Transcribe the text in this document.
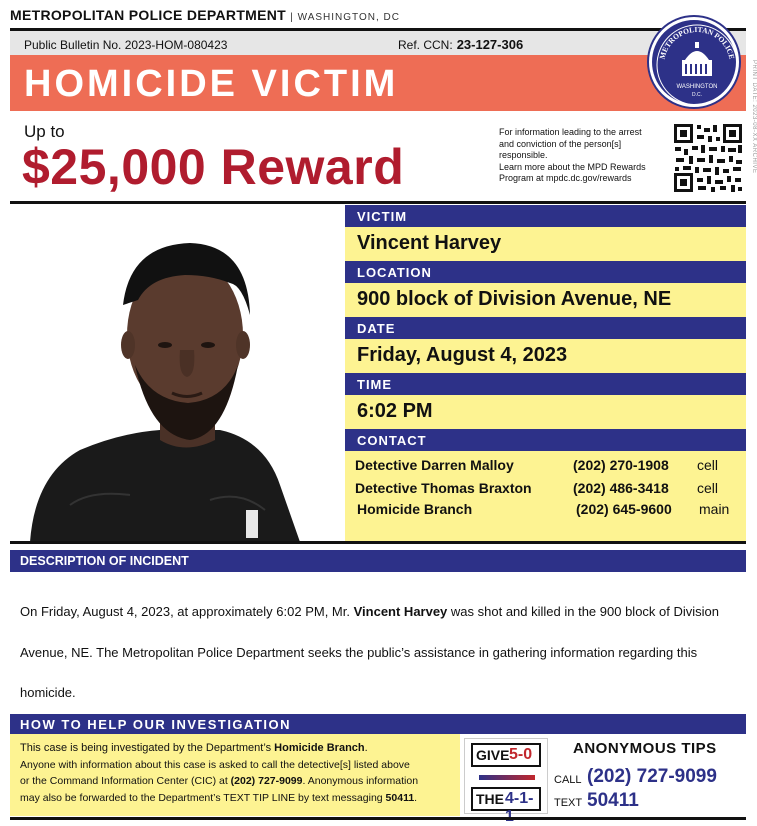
METROPOLITAN POLICE DEPARTMENT | WASHINGTON, DC
Public Bulletin No. 2023-HOM-080423	Ref. CCN: 23-127-306
HOMICIDE VICTIM
METROPOLITAN POLICE
WASHINGTON
D.C.	PRINT DATE: 2023-08-XX ARCHIVE
Up to
$25,000 Reward
For information leading to the arrest
and conviction of the person[s]
responsible.
Learn more about the MPD Rewards
Program at mpdc.dc.gov/rewards
VICTIM
Vincent Harvey
LOCATION
900 block of Division Avenue, NE
DATE
Friday, August 4, 2023
TIME
6:02 PM
CONTACT
Detective Darren Malloy	(202) 270-1908	cell
Detective Thomas Braxton	(202) 486-3418	cell
Homicide Branch	(202) 645-9600	main
DESCRIPTION OF INCIDENT
On Friday, August 4, 2023, at approximately 6:02 PM, Mr. Vincent Harvey was shot and killed in the 900 block of Division Avenue, NE. The Metropolitan Police Department seeks the public’s assistance in gathering information regarding this homicide.
HOW TO HELP OUR INVESTIGATION
This case is being investigated by the Department’s Homicide Branch.
Anyone with information about this case is asked to call the detective[s] listed above
or the Command Information Center (CIC) at (202) 727-9099. Anonymous information
may also be forwarded to the Department’s TEXT TIP LINE by text messaging 50411.
GIVE 5-0
THE 4-1-
ANONYMOUS TIPS
CALL (202) 727-9099
TEXT 50411
